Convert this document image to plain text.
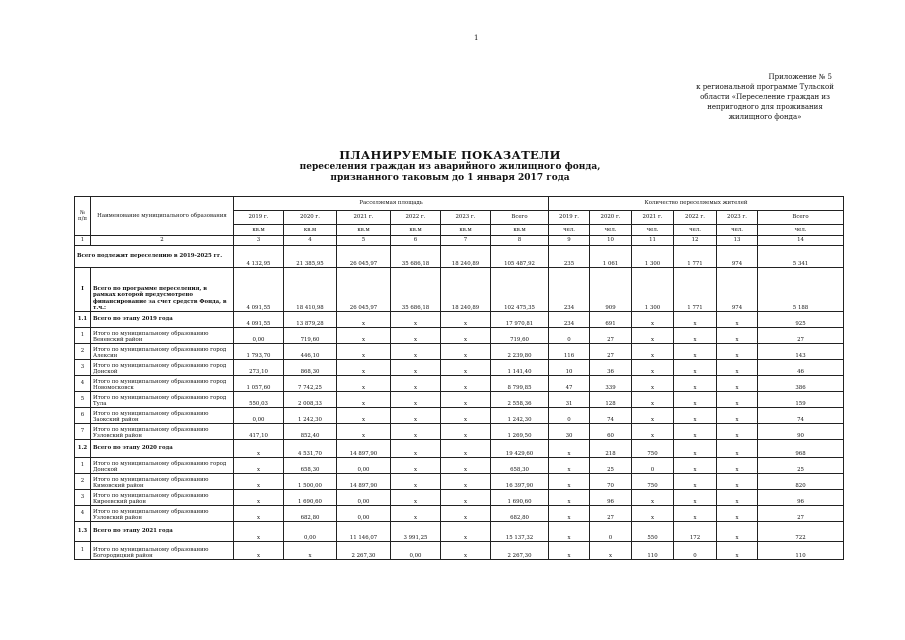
1
Приложение № 5
к региональной программе Тульской
области «Переселение граждан из
непригодного для проживания
жилищного фонда»
ПЛАНИРУЕМЫЕ ПОКАЗАТЕЛИ
переселения граждан из аварийного жилищного фонда,
признанного таковым до 1 января 2017 года
№ п/п	Наименование муниципального образования	Расселяемая площадь						Количество переселяемых жителей					
		2019 г.	2020 г.	2021 г.	2022 г.	2023 г.	Всего	2019 г.	2020 г.	2021 г.	2022 г.	2023 г.	Всего
		кв.м	кв.м	кв.м	кв.м	кв.м	кв.м	чел.	чел.	чел.	чел.	чел.	чел.
1	2	3	4	5	6	7	8	9	10	11	12	13	14
Всего подлежит переселению в 2019-2025 гг.		4 132,95	21 385,95	26 045,97	35 686,18	18 240,89	105 487,92	235	1 061	1 300	1 771	974	5 341
I	Всего по программе переселения, в рамках которой предусмотрено финансирование за счет средств Фонда, в т.ч.:	4 091,55	18 410,98	26 045,97	35 686,18	18 240,89	102 475,35	234	909	1 300	1 771	974	5 188
1.1	Всего по этапу 2019 года	4 091,55	13 879,28	х	х	х	17 970,81	234	691	х	х	х	925
1	Итого по муниципальному образованию Веневский район	0,00	719,60	х	х	х	719,60	0	27	х	х	х	27
2	Итого по муниципальному образованию город Алексин	1 793,70	446,10	х	х	х	2 239,80	116	27	х	х	х	143
3	Итого по муниципальному образованию город Донской	273,10	868,30	х	х	х	1 141,40	10	36	х	х	х	46
4	Итого по муниципальному образованию город Новомосковск	1 057,60	7 742,25	х	х	х	8 799,85	47	339	х	х	х	386
5	Итого по муниципальному образованию город Тула	550,03	2 008,33	х	х	х	2 558,36	31	128	х	х	х	159
6	Итого по муниципальному образованию Заокский район	0,00	1 242,30	х	х	х	1 242,30	0	74	х	х	х	74
7	Итого по муниципальному образованию Узловский район	417,10	852,40	х	х	х	1 269,50	30	60	х	х	х	90
1.2	Всего по этапу 2020 года	х	4 531,70	14 897,90	х	х	19 429,60	х	218	750	х	х	968
1	Итого по муниципальному образованию город Донской	х	658,30	0,00	х	х	658,30	х	25	0	х	х	25
2	Итого по муниципальному образованию Кимовский район	х	1 500,00	14 897,90	х	х	16 397,90	х	70	750	х	х	820
3	Итого по муниципальному образованию Киреевский район	х	1 690,60	0,00	х	х	1 690,60	х	96	х	х	х	96
4	Итого по муниципальному образованию Узловский район	х	682,80	0,00	х	х	682,80	х	27	х	х	х	27
1.3	Всего по этапу 2021 года	х	0,00	11 146,07	3 991,25	х	15 137,32	х	0	550	172	х	722
1	Итого по муниципальному образованию Богородицкий район	х	х	2 267,30	0,00	х	2 267,30	х	х	110	0	х	110
